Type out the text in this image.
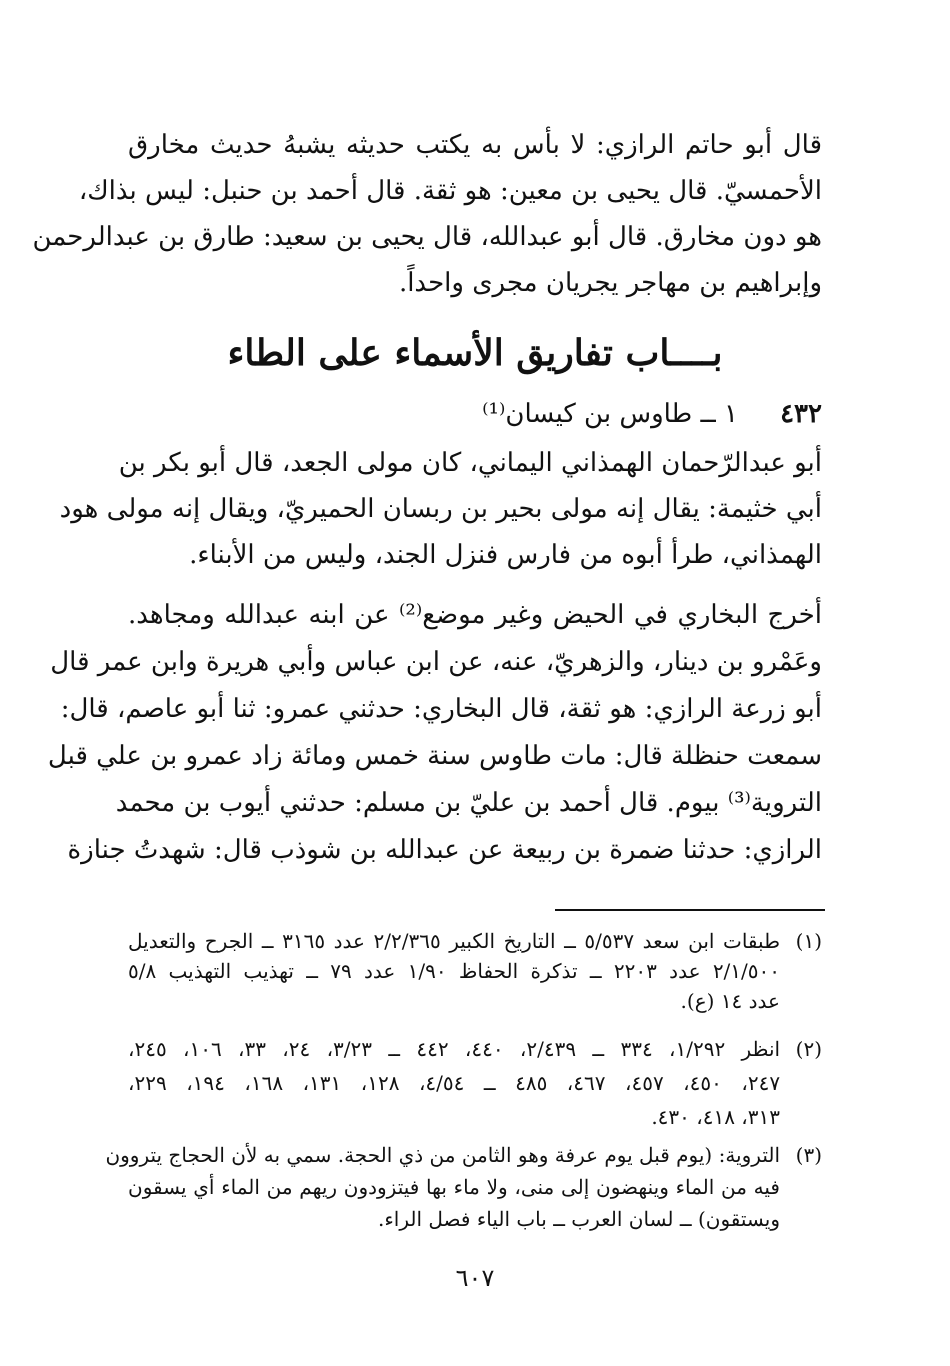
قال أبو حاتم الرازي: لا بأس به يكتب حديثه يشبهُ حديث مخارق
الأحمسيّ. قال يحيى بن معين: هو ثقة. قال أحمد بن حنبل: ليس بذاك،
هو دون مخارق. قال أبو عبدالله، قال يحيى بن سعيد: طارق بن عبدالرحمن
وإبراهيم بن مهاجر يجريان مجرى واحداً.
بــــاب تفاريق الأسماء على الطاء
٤٣٢
١ ــ طاوس بن كيسان⁽¹⁾
أبو عبدالرّحمان الهمذاني اليماني، كان مولى الجعد، قال أبو بكر بن
أبي خثيمة: يقال إنه مولى بحير بن ربسان الحميريّ، ويقال إنه مولى هود
الهمذاني، طرأ أبوه من فارس فنزل الجند، وليس من الأبناء.
أخرج البخاري في الحيض وغير موضع⁽²⁾ عن ابنه عبدالله ومجاهد.
وعَمْرو بن دينار، والزهريّ، عنه، عن ابن عباس وأبي هريرة وابن عمر قال
أبو زرعة الرازي: هو ثقة، قال البخاري: حدثني عمرو: ثنا أبو عاصم، قال:
سمعت حنظلة قال: مات طاوس سنة خمس ومائة زاد عمرو بن علي قبل
التروية⁽³⁾ بيوم. قال أحمد بن عليّ بن مسلم: حدثني أيوب بن محمد
الرازي: حدثنا ضمرة بن ربيعة عن عبدالله بن شوذب قال: شهدتُ جنازة
(١)
طبقات ابن سعد ٥/٥٣٧ ــ التاريخ الكبير ٢/٢/٣٦٥ عدد ٣١٦٥ ــ الجرح والتعديل
٢/١/٥٠٠ عدد ٢٢٠٣ ــ تذكرة الحفاظ ١/٩٠ عدد ٧٩ ــ تهذيب التهذيب ٥/٨
عدد ١٤ (ع).
(٢)
انظر ١/٢٩٢، ٣٣٤ ــ ٢/٤٣٩، ٤٤٠، ٤٤٢ ــ ٣/٢٣، ٢٤، ٣٣، ١٠٦، ٢٤٥،
٢٤٧، ٤٥٠، ٤٥٧، ٤٦٧، ٤٨٥ ــ ٤/٥٤، ١٢٨، ١٣١، ١٦٨، ١٩٤، ٢٢٩،
٣١٣، ٤١٨، ٤٣٠.
(٣)
التروية: (يوم قبل يوم عرفة وهو الثامن من ذي الحجة. سمي به لأن الحجاج يتروون
فيه من الماء وينهضون إلى منى، ولا ماء بها فيتزودون ريهم من الماء أي يسقون
ويستقون) ــ لسان العرب ــ باب الياء فصل الراء.
٦٠٧
